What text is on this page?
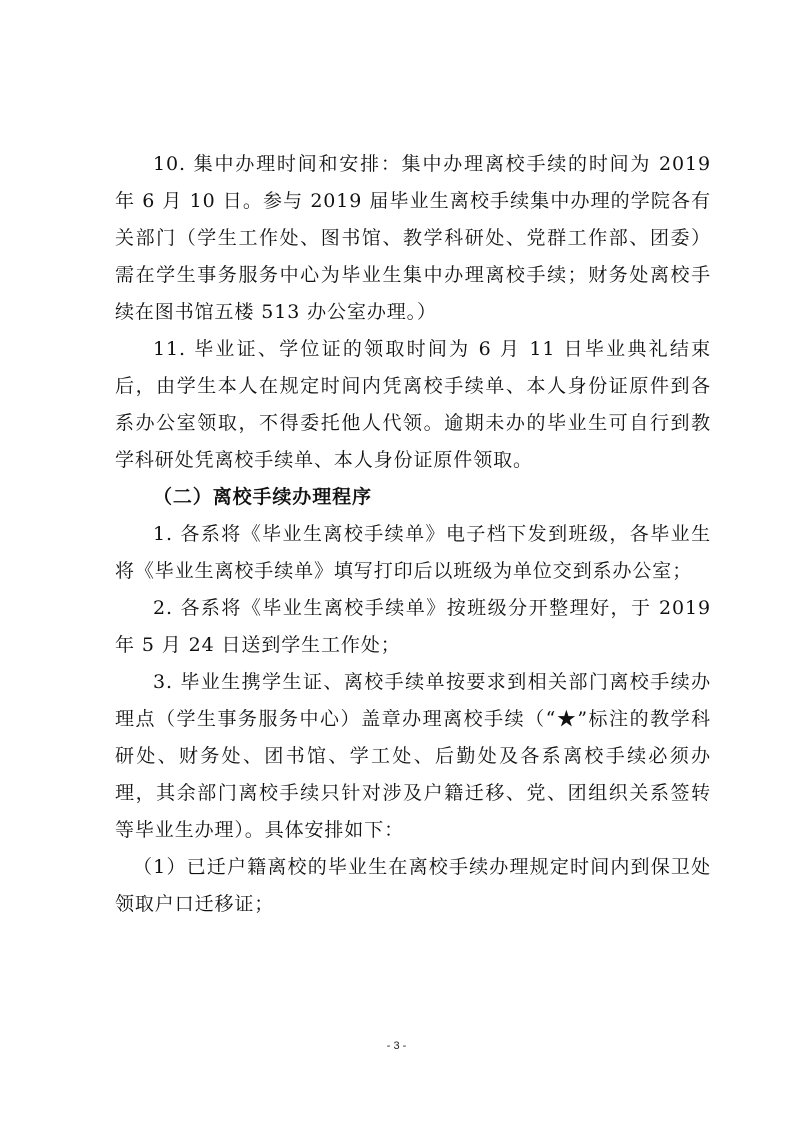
10. 集中办理时间和安排：集中办理离校手续的时间为 2019 年 6 月 10 日。参与 2019 届毕业生离校手续集中办理的学院各有关部门（学生工作处、图书馆、教学科研处、党群工作部、团委）需在学生事务服务中心为毕业生集中办理离校手续；财务处离校手续在图书馆五楼 513 办公室办理。）

11. 毕业证、学位证的领取时间为 6 月 11 日毕业典礼结束后，由学生本人在规定时间内凭离校手续单、本人身份证原件到各系办公室领取，不得委托他人代领。逾期未办的毕业生可自行到教学科研处凭离校手续单、本人身份证原件领取。

（二）离校手续办理程序

1. 各系将《毕业生离校手续单》电子档下发到班级，各毕业生将《毕业生离校手续单》填写打印后以班级为单位交到系办公室；

2. 各系将《毕业生离校手续单》按班级分开整理好，于 2019 年 5 月 24 日送到学生工作处；

3. 毕业生携学生证、离校手续单按要求到相关部门离校手续办理点（学生事务服务中心）盖章办理离校手续（“★”标注的教学科研处、财务处、团书馆、学工处、后勤处及各系离校手续必须办理，其余部门离校手续只针对涉及户籍迁移、党、团组织关系签转等毕业生办理）。具体安排如下：

（1）已迁户籍离校的毕业生在离校手续办理规定时间内到保卫处领取户口迁移证；

- 3 -
